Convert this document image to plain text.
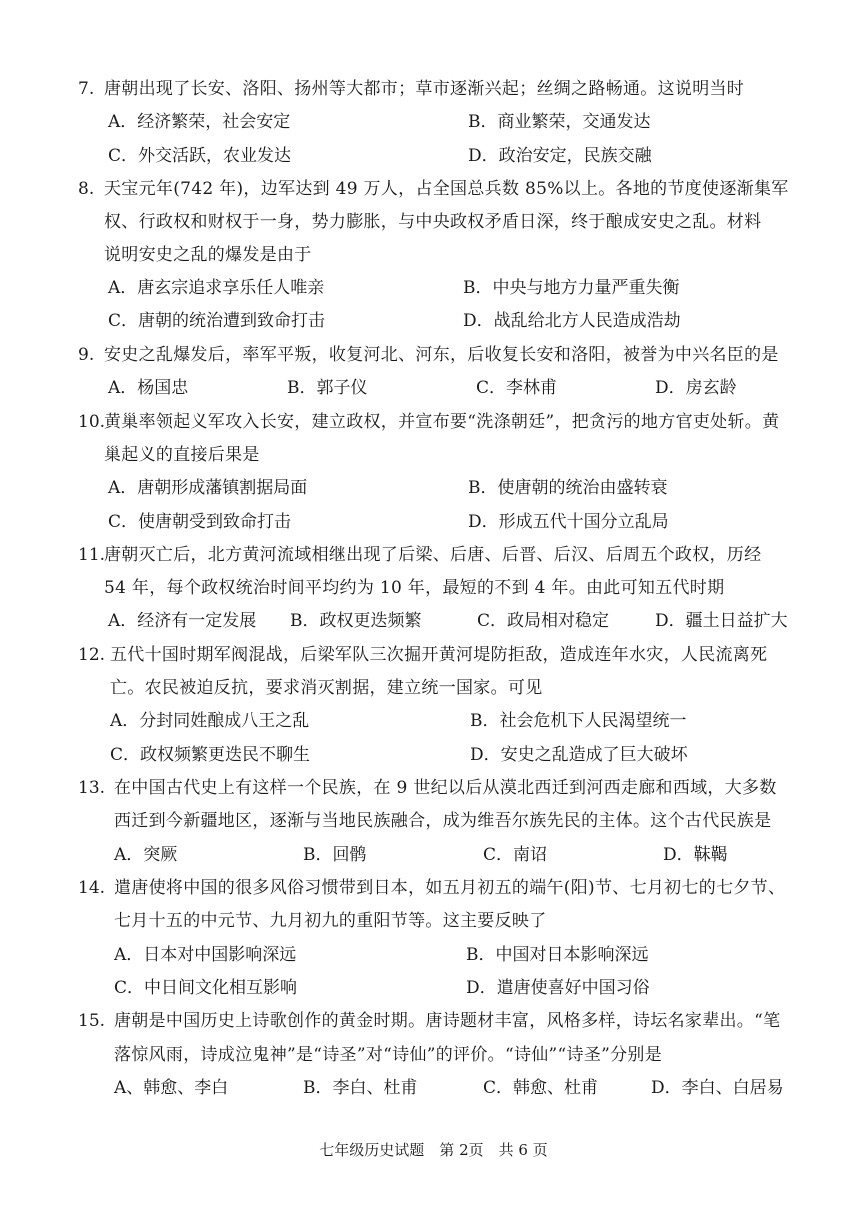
7. 唐朝出现了长安、洛阳、扬州等大都市；草市逐渐兴起；丝绸之路畅通。这说明当时
A．经济繁荣，社会安定	B．商业繁荣，交通发达
C．外交活跃，农业发达	D．政治安定，民族交融
8. 天宝元年(742 年)，边军达到 49 万人，占全国总兵数 85%以上。各地的节度使逐渐集军
权、行政权和财权于一身，势力膨胀，与中央政权矛盾日深，终于酿成安史之乱。材料
说明安史之乱的爆发是由于
A．唐玄宗追求享乐任人唯亲	B．中央与地方力量严重失衡
C．唐朝的统治遭到致命打击	D．战乱给北方人民造成浩劫
9. 安史之乱爆发后，率军平叛，收复河北、河东，后收复长安和洛阳，被誉为中兴名臣的是
A．杨国忠	B．郭子仪	C．李林甫	D．房玄龄
10.
黄巢率领起义军攻入长安，建立政权，并宣布要“洗涤朝廷”，把贪污的地方官吏处斩。黄
巢起义的直接后果是
A．唐朝形成藩镇割据局面	B．使唐朝的统治由盛转衰
C．使唐朝受到致命打击	D．形成五代十国分立乱局
11.
唐朝灭亡后，北方黄河流域相继出现了后梁、后唐、后晋、后汉、后周五个政权，历经
54 年，每个政权统治时间平均约为 10 年，最短的不到 4 年。由此可知五代时期
A．经济有一定发展 B．政权更迭频繁	C．政局相对稳定	D．疆土日益扩大
12. 五代十国时期军阀混战，后梁军队三次掘开黄河堤防拒敌，造成连年水灾，人民流离死
亡。农民被迫反抗，要求消灭割据，建立统一国家。可见
A．分封同姓酿成八王之乱	B．社会危机下人民渴望统一
C．政权频繁更迭民不聊生	D．安史之乱造成了巨大破坏
13. 在中国古代史上有这样一个民族，在 9 世纪以后从漠北西迁到河西走廊和西域，大多数
西迁到今新疆地区，逐渐与当地民族融合，成为维吾尔族先民的主体。这个古代民族是
A．突厥	B．回鹘	C．南诏	D．靺鞨
14. 遣唐使将中国的很多风俗习惯带到日本，如五月初五的端午(阳)节、七月初七的七夕节、
七月十五的中元节、九月初九的重阳节等。这主要反映了
A．日本对中国影响深远	B．中国对日本影响深远
C．中日间文化相互影响	D．遣唐使喜好中国习俗
15. 唐朝是中国历史上诗歌创作的黄金时期。唐诗题材丰富，风格多样，诗坛名家辈出。“笔
落惊风雨，诗成泣鬼神”是“诗圣”对“诗仙”的评价。“诗仙”“诗圣”分别是
A、韩愈、李白	B．李白、杜甫	C．韩愈、杜甫	D．李白、白居易
七年级历史试题　第 2页　共 6 页
